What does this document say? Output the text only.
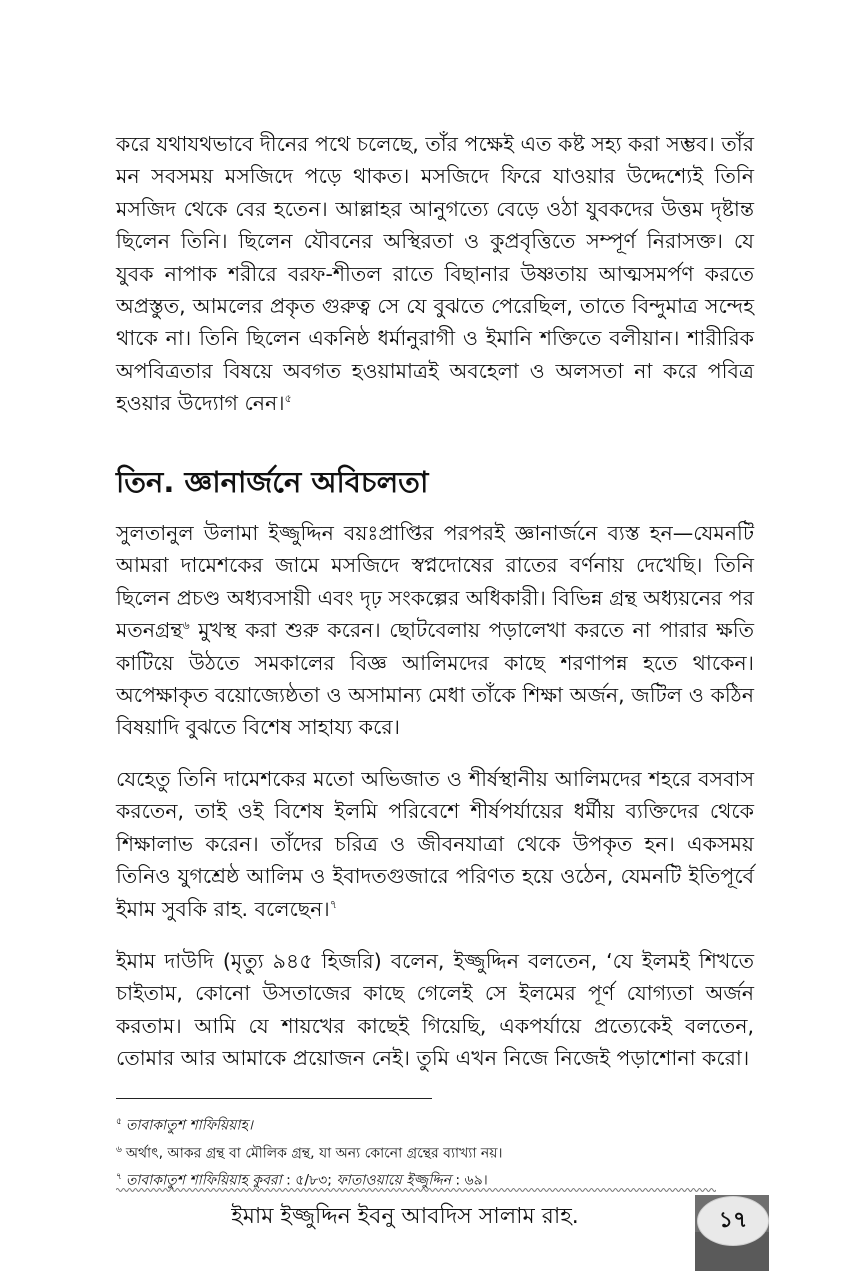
করে যথাযথভাবে দীনের পথে চলেছে, তাঁর পক্ষেই এত কষ্ট সহ্য করা সম্ভব। তাঁর মন সবসময় মসজিদে পড়ে থাকত। মসজিদে ফিরে যাওয়ার উদ্দেশ্যেই তিনি মসজিদ থেকে বের হতেন। আল্লাহর আনুগত্যে বেড়ে ওঠা যুবকদের উত্তম দৃষ্টান্ত ছিলেন তিনি। ছিলেন যৌবনের অস্থিরতা ও কুপ্রবৃত্তিতে সম্পূর্ণ নিরাসক্ত। যে যুবক নাপাক শরীরে বরফ-শীতল রাতে বিছানার উষ্ণতায় আত্মসমর্পণ করতে অপ্রস্তুত, আমলের প্রকৃত গুরুত্ব সে যে বুঝতে পেরেছিল, তাতে বিন্দুমাত্র সন্দেহ থাকে না। তিনি ছিলেন একনিষ্ঠ ধর্মানুরাগী ও ইমানি শক্তিতে বলীয়ান। শারীরিক অপবিত্রতার বিষয়ে অবগত হওয়ামাত্রই অবহেলা ও অলসতা না করে পবিত্র হওয়ার উদ্যোগ নেন।$^৫$

তিন. জ্ঞানার্জনে অবিচলতা

সুলতানুল উলামা ইজ্জুদ্দিন বয়ঃপ্রাপ্তির পরপরই জ্ঞানার্জনে ব্যস্ত হন—যেমনটি আমরা দামেশকের জামে মসজিদে স্বপ্নদোষের রাতের বর্ণনায় দেখেছি। তিনি ছিলেন প্রচণ্ড অধ্যবসায়ী এবং দৃঢ় সংকল্পের অধিকারী। বিভিন্ন গ্রন্থ অধ্যয়নের পর মতনগ্রন্থ$^৬$ মুখস্থ করা শুরু করেন। ছোটবেলায় পড়ালেখা করতে না পারার ক্ষতি কাটিয়ে উঠতে সমকালের বিজ্ঞ আলিমদের কাছে শরণাপন্ন হতে থাকেন। অপেক্ষাকৃত বয়োজ্যেষ্ঠতা ও অসামান্য মেধা তাঁকে শিক্ষা অর্জন, জটিল ও কঠিন বিষয়াদি বুঝতে বিশেষ সাহায্য করে।

যেহেতু তিনি দামেশকের মতো অভিজাত ও শীর্ষস্থানীয় আলিমদের শহরে বসবাস করতেন, তাই ওই বিশেষ ইলমি পরিবেশে শীর্ষপর্যায়ের ধর্মীয় ব্যক্তিদের থেকে শিক্ষালাভ করেন। তাঁদের চরিত্র ও জীবনযাত্রা থেকে উপকৃত হন। একসময় তিনিও যুগশ্রেষ্ঠ আলিম ও ইবাদতগুজারে পরিণত হয়ে ওঠেন, যেমনটি ইতিপূর্বে ইমাম সুবকি রাহ. বলেছেন।$^৭$

ইমাম দাউদি (মৃত্যু ৯৪৫ হিজরি) বলেন, ইজ্জুদ্দিন বলতেন, ‘যে ইলমই শিখতে চাইতাম, কোনো উসতাজের কাছে গেলেই সে ইলমের পূর্ণ যোগ্যতা অর্জন করতাম। আমি যে শায়খের কাছেই গিয়েছি, একপর্যায়ে প্রত্যেকেই বলতেন, তোমার আর আমাকে প্রয়োজন নেই। তুমি এখন নিজে নিজেই পড়াশোনা করো।

$^৫$ তাবাকাতুশ শাফিয়িয়াহ।

$^৬$ অর্থাৎ, আকর গ্রন্থ বা মৌলিক গ্রন্থ, যা অন্য কোনো গ্রন্থের ব্যাখ্যা নয়।

$^৭$ তাবাকাতুশ শাফিয়িয়াহ কুবরা : ৫/৮৩; ফাতাওয়ায়ে ইজ্জুদ্দিন : ৬৯।

ইমাম ইজ্জুদ্দিন ইবনু আবদিস সালাম রাহ.	১৭
